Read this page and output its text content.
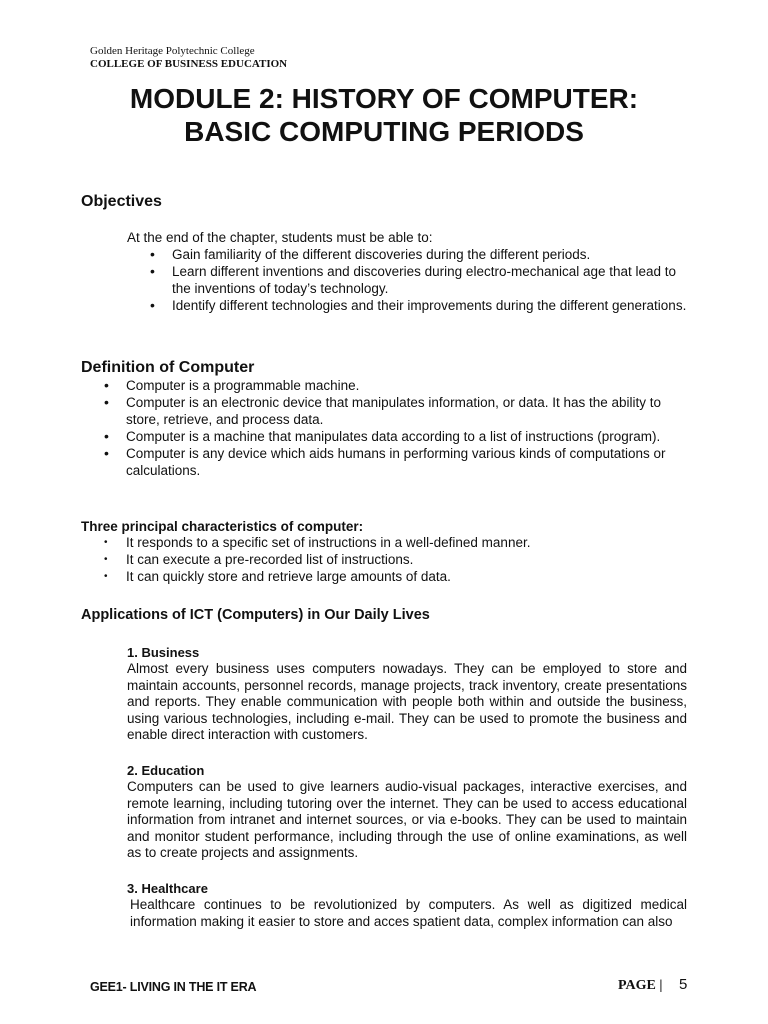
Golden Heritage Polytechnic College
COLLEGE OF BUSINESS EDUCATION
MODULE 2: HISTORY OF COMPUTER:
BASIC COMPUTING PERIODS
Objectives

At the end of the chapter, students must be able to:

• Gain familiarity of the different discoveries during the different periods.
• Learn different inventions and discoveries during electro-mechanical age that lead to the inventions of today’s technology.
• Identify different technologies and their improvements during the different generations.
Definition of Computer
• Computer is a programmable machine.
• Computer is an electronic device that manipulates information, or data. It has the ability to store, retrieve, and process data.
• Computer is a machine that manipulates data according to a list of instructions (program).
• Computer is any device which aids humans in performing various kinds of computations or calculations.
Three principal characteristics of computer:
• It responds to a specific set of instructions in a well-defined manner.
• It can execute a pre-recorded list of instructions.
• It can quickly store and retrieve large amounts of data.
Applications of ICT (Computers) in Our Daily Lives
1. Business

Almost every business uses computers nowadays. They can be employed to store and maintain accounts, personnel records, manage projects, track inventory, create presentations and reports. They enable communication with people both within and outside the business, using various technologies, including e-mail. They can be used to promote the business and enable direct interaction with customers.

2. Education

Computers can be used to give learners audio-visual packages, interactive exercises, and remote learning, including tutoring over the internet. They can be used to access educational information from intranet and internet sources, or via e-books. They can be used to maintain and monitor student performance, including through the use of online examinations, as well as to create projects and assignments.

3. Healthcare

Healthcare continues to be revolutionized by computers. As well as digitized medical information making it easier to store and acces spatient data, complex information can also

GEE1- LIVING IN THE IT ERA	PAGE | 5
